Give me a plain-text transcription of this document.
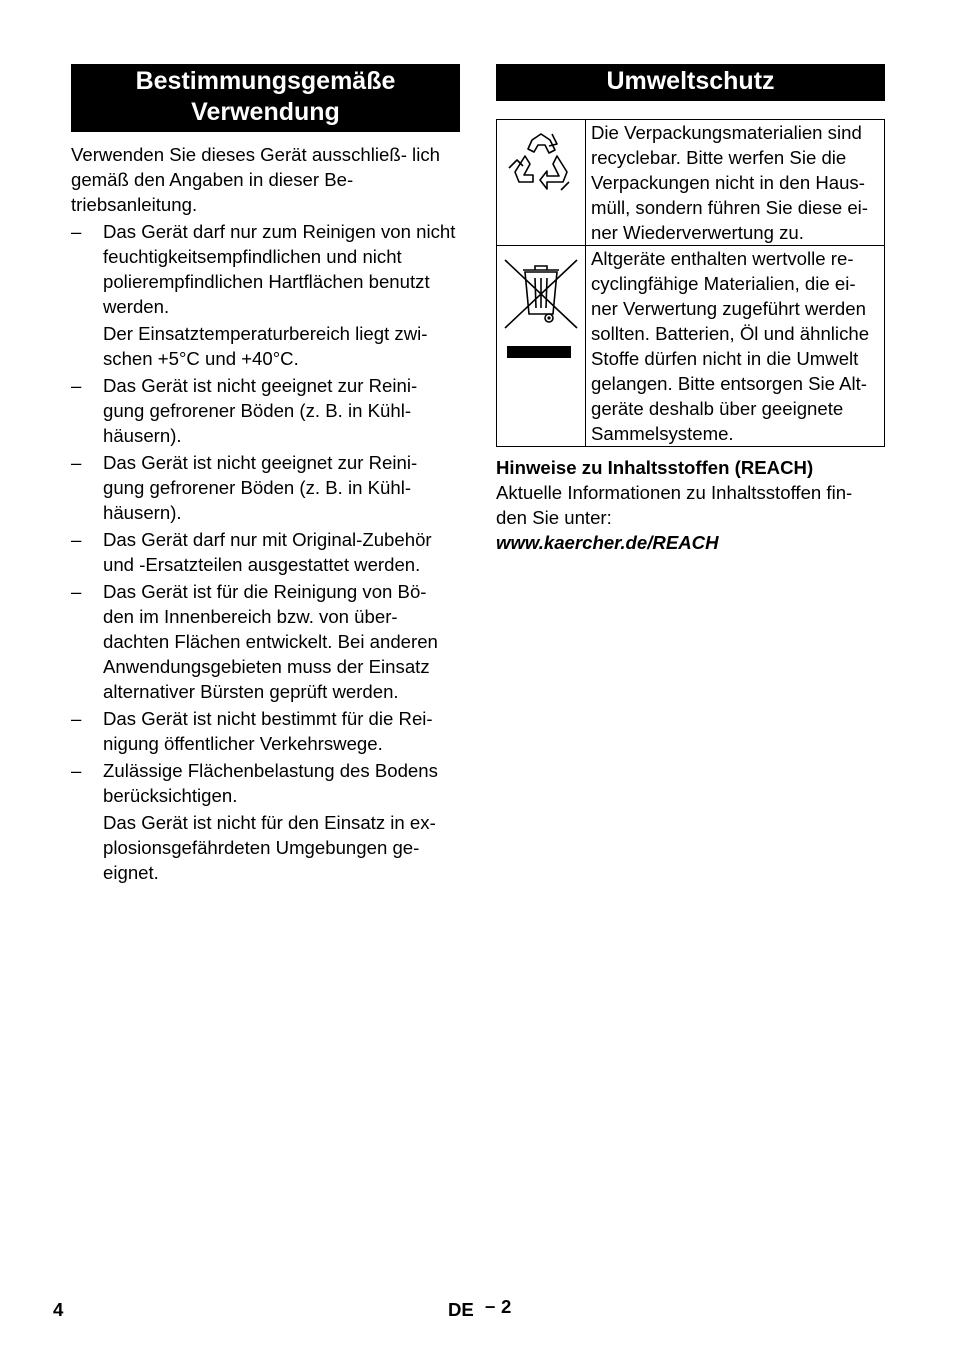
Bestimmungsgemäße
Verwendung

Verwenden Sie dieses Gerät ausschließ- lich gemäß den Angaben in dieser Be- triebsanleitung.

–	Das Gerät darf nur zum Reinigen von nicht feuchtigkeitsempfindlichen und nicht polierempfindlichen Hartflächen benutzt werden.
Der Einsatztemperaturbereich liegt zwi- schen +5°C und +40°C.
–	Das Gerät ist nicht geeignet zur Reini- gung gefrorener Böden (z. B. in Kühl- häusern).
–	Das Gerät ist nicht geeignet zur Reini- gung gefrorener Böden (z. B. in Kühl- häusern).
–	Das Gerät darf nur mit Original-Zubehör und -Ersatzteilen ausgestattet werden.
–	Das Gerät ist für die Reinigung von Bö- den im Innenbereich bzw. von über- dachten Flächen entwickelt. Bei anderen Anwendungsgebieten muss der Einsatz alternativer Bürsten geprüft werden.
–	Das Gerät ist nicht bestimmt für die Rei- nigung öffentlicher Verkehrswege.
–	Zulässige Flächenbelastung des Bodens berücksichtigen.
Das Gerät ist nicht für den Einsatz in ex- plosionsgefährdeten Umgebungen ge- eignet.
Umweltschutz
	Die Verpackungsmaterialien sind recyclebar. Bitte werfen Sie die Verpackungen nicht in den Haus- müll, sondern führen Sie diese ei- ner Wiederverwertung zu.

	Altgeräte enthalten wertvolle re- cyclingfähige Materialien, die ei- ner Verwertung zugeführt werden sollten. Batterien, Öl und ähnliche Stoffe dürfen nicht in die Umwelt gelangen. Bitte entsorgen Sie Alt- geräte deshalb über geeignete Sammelsysteme.
Hinweise zu Inhaltsstoffen (REACH)
Aktuelle Informationen zu Inhaltsstoffen fin- den Sie unter:
www.kaercher.de/REACH
4	DE – 2
